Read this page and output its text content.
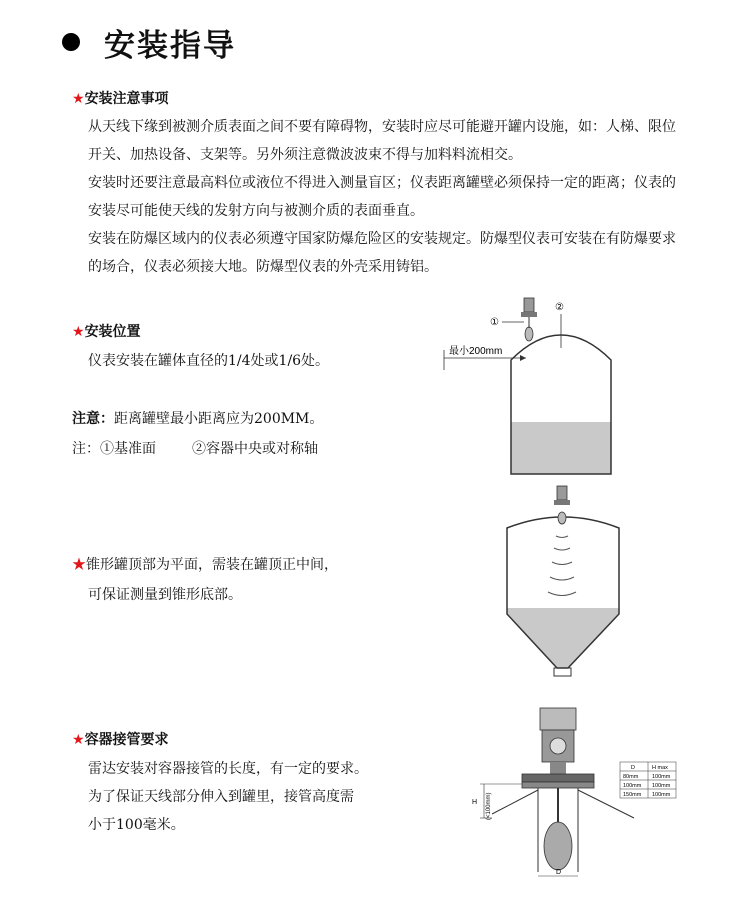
安装指导
★安装注意事项
从天线下缘到被测介质表面之间不要有障碍物，安装时应尽可能避开罐内设施，如：人梯、限位开关、加热设备、支架等。另外须注意微波波束不得与加料料流相交。
安装时还要注意最高料位或液位不得进入测量盲区；仪表距离罐壁必须保持一定的距离；仪表的安装尽可能使天线的发射方向与被测介质的表面垂直。
安装在防爆区域内的仪表必须遵守国家防爆危险区的安装规定。防爆型仪表可安装在有防爆要求的场合，仪表必须接大地。防爆型仪表的外壳采用铸铝。
★安装位置
仪表安装在罐体直径的1/4处或1/6处。
注意：距离罐壁最小距离应为200MM。
注：①基准面	②容器中央或对称轴
①
②
最小200mm
★锥形罐顶部为平面，需装在罐顶正中间，
可保证测量到锥形底部。
★容器接管要求
雷达安装对容器接管的长度，有一定的要求。
为了保证天线部分伸入到罐里，接管高度需
小于100毫米。
H (<100mm)
D
D	H max
80mm 100mm
100mm 100mm
150mm 100mm
